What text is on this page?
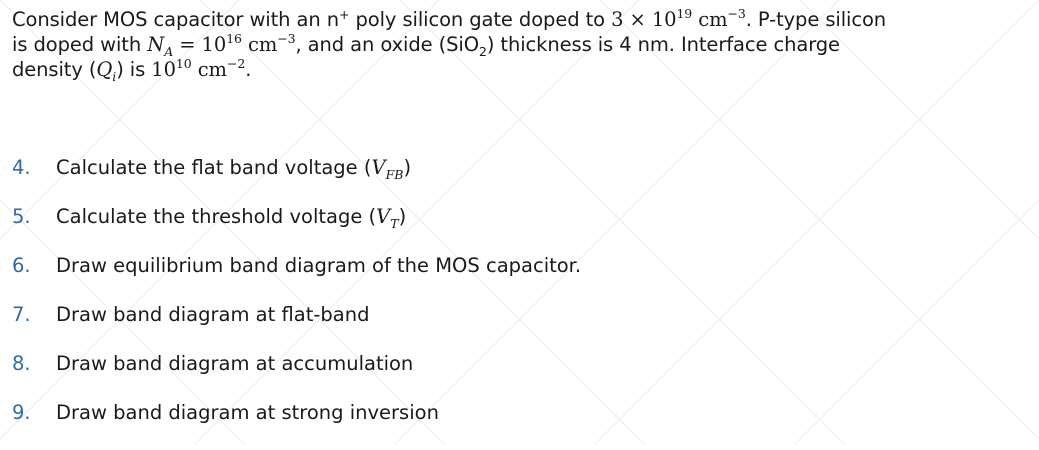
Consider MOS capacitor with an n+ poly silicon gate doped to $3 \times 10^{19}$ $cm^{-3}$. P-type silicon
is doped with $N_A = 10^{16}$ $cm^{-3}$, and an oxide (SiO$_2$) thickness is 4 nm. Interface charge
density $(Q_i)$ is $10^{10}$ $cm^{-2}$.
4. Calculate the flat band voltage $(V_{FB})$
5. Calculate the threshold voltage $(V_T)$
6. Draw equilibrium band diagram of the MOS capacitor.
7. Draw band diagram at flat-band
8. Draw band diagram at accumulation
9. Draw band diagram at strong inversion
